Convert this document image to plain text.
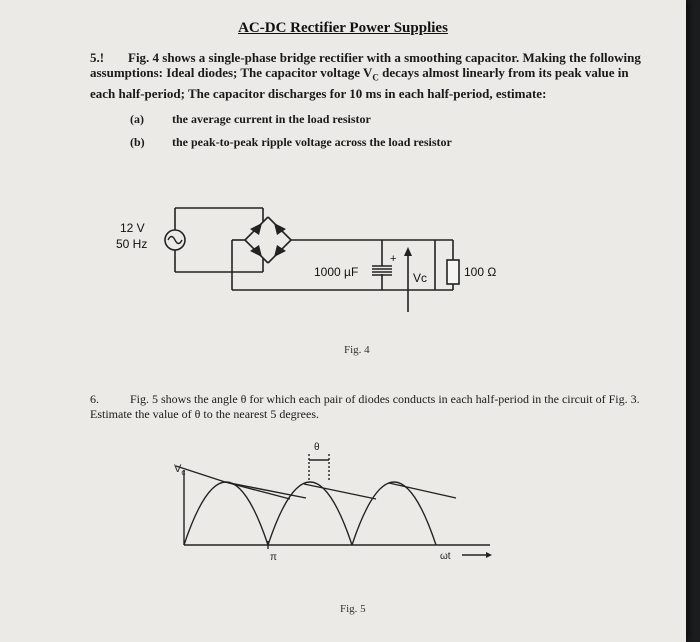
AC-DC Rectifier Power Supplies
5.! Fig. 4 shows a single-phase bridge rectifier with a smoothing capacitor. Making the following assumptions: Ideal diodes; The capacitor voltage $V_C$ decays almost linearly from its peak value in each half-period; The capacitor discharges for 10 ms in each half-period, estimate:
(a) the average current in the load resistor
(b) the peak-to-peak ripple voltage across the load resistor
12 V
50 Hz
1000 µF
+
Vc	100 Ω
Fig. 4
6.	Fig. 5 shows the angle θ for which each pair of diodes conducts in each half-period in the circuit of Fig. 3. Estimate the value of θ to the nearest 5 degrees.
$V_c$
θ
π	ωt
Fig. 5
